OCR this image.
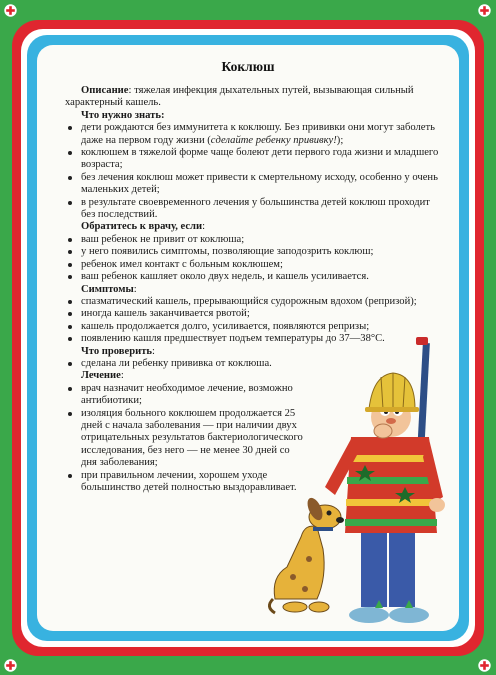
Коклюш

Описание: тяжелая инфекция дыхательных путей, вызывающая сильный характерный кашель.

Что нужно знать:

дети рождаются без иммунитета к коклюшу. Без прививки они могут заболеть даже на первом году жизни (сделайте ребенку прививку!);
коклюшем в тяжелой форме чаще болеют дети первого года жизни и младшего возраста;
без лечения коклюш может привести к смертельному исходу, особенно у очень маленьких детей;
в результате своевременного лечения у большинства детей коклюш проходит без последствий.

Обратитесь к врачу, если:

ваш ребенок не привит от коклюша;
у него появились симптомы, позволяющие заподозрить коклюш;
ребенок имел контакт с больным коклюшем;
ваш ребенок кашляет около двух недель, и кашель усиливается.

Симптомы:

спазматический кашель, прерывающийся судорожным вдохом (репризой);
иногда кашель заканчивается рвотой;
кашель продолжается долго, усиливается, появляются репризы;
появлению кашля предшествует подъем температуры до 37—38°С.

Что проверить:

сделана ли ребенку прививка от коклюша.

Лечение:

врач назначит необходимое лечение, возможно антибиотики;
изоляция больного коклюшем продолжается 25 дней с начала заболевания — при наличии двух отрицательных результатов бактериологического исследования, без него — не менее 30 дней со дня заболевания;
при правильном лечении, хорошем уходе большинство детей полностью выздоравливает.
